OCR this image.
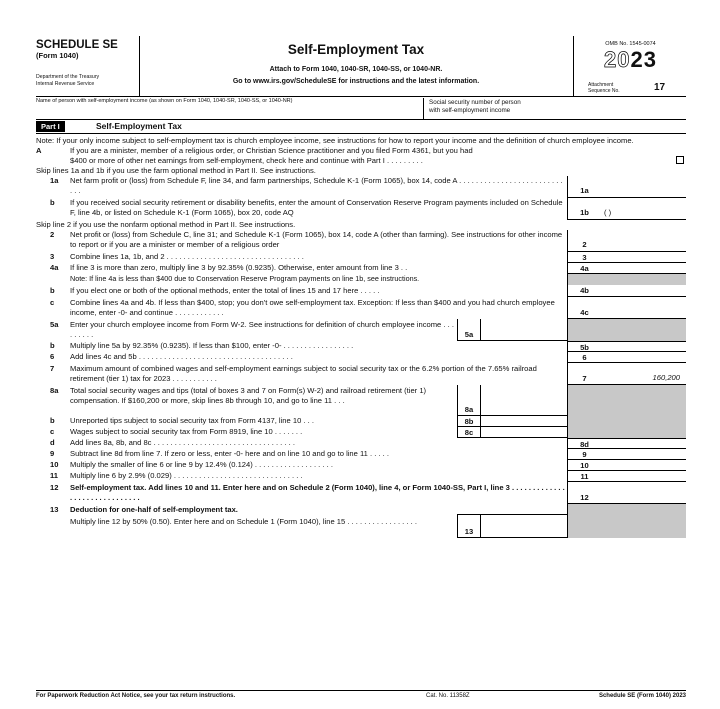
SCHEDULE SE
(Form 1040)
Department of the Treasury
Internal Revenue Service
Self-Employment Tax
Attach to Form 1040, 1040-SR, 1040-SS, or 1040-NR.
Go to www.irs.gov/ScheduleSE for instructions and the latest information.
OMB No. 1545-0074
2023
Attachment
Sequence No.	17
Name of person with self-employment income (as shown on Form 1040, 1040-SR, 1040-SS, or 1040-NR)	Social security number of person
with self-employment income
Part I	Self-Employment Tax
Note: If your only income subject to self-employment tax is church employee income, see instructions for how to report your income and the definition of church employee income.
A	If you are a minister, member of a religious order, or Christian Science practitioner and you filed Form 4361, but you had
$400 or more of other net earnings from self-employment, check here and continue with Part I . . . . . . . . .
Skip lines 1a and 1b if you use the farm optional method in Part II. See instructions.
1a Net farm profit or (loss) from Schedule F, line 34, and farm partnerships, Schedule K-1 (Form 1065), box 14, code A . . . . . . . . . . . . . . . . . . . . . . . . . . . .	1a
b If you received social security retirement or disability benefits, enter the amount of Conservation Reserve Program payments included on Schedule F, line 4b, or listed on Schedule K-1 (Form 1065), box 20, code AQ	1b	( )
Skip line 2 if you use the nonfarm optional method in Part II. See instructions.
2 Net profit or (loss) from Schedule C, line 31; and Schedule K-1 (Form 1065), box 14, code A (other than farming). See instructions for other income to report or if you are a minister or member of a religious order	2
3 Combine lines 1a, 1b, and 2 . . . . . . . . . . . . . . . . . . . . . . . . . . . . . . . . .	3
4a If line 3 is more than zero, multiply line 3 by 92.35% (0.9235). Otherwise, enter amount from line 3 . .	4a
Note: If line 4a is less than $400 due to Conservation Reserve Program payments on line 1b, see instructions.
b If you elect one or both of the optional methods, enter the total of lines 15 and 17 here . . . . .	4b
c Combine lines 4a and 4b. If less than $400, stop; you don't owe self-employment tax. Exception: If less than $400 and you had church employee income, enter -0- and continue . . . . . . . . . . . .	4c
5a Enter your church employee income from Form W-2. See instructions for definition of church employee income . . . . . . . . .	5a
b Multiply line 5a by 92.35% (0.9235). If less than $100, enter -0- . . . . . . . . . . . . . . . . .	5b
6 Add lines 4c and 5b . . . . . . . . . . . . . . . . . . . . . . . . . . . . . . . . . . . . .	6
7 Maximum amount of combined wages and self-employment earnings subject to social security tax or the 6.2% portion of the 7.65% railroad retirement (tier 1) tax for 2023 . . . . . . . . . . .	7	160,200
8a Total social security wages and tips (total of boxes 3 and 7 on Form(s) W-2) and railroad retirement (tier 1) compensation. If $160,200 or more, skip lines 8b through 10, and go to line 11 . . .
8a
b Unreported tips subject to social security tax from Form 4137, line 10 . . .	8b
c Wages subject to social security tax from Form 8919, line 10 . . . . . . .	8c
d Add lines 8a, 8b, and 8c . . . . . . . . . . . . . . . . . . . . . . . . . . . . . . . . . .	8d
9 Subtract line 8d from line 7. If zero or less, enter -0- here and on line 10 and go to line 11 . . . . .	9
10 Multiply the smaller of line 6 or line 9 by 12.4% (0.124) . . . . . . . . . . . . . . . . . . .	10
11 Multiply line 6 by 2.9% (0.029) . . . . . . . . . . . . . . . . . . . . . . . . . . . . . . .	11
12 Self-employment tax. Add lines 10 and 11. Enter here and on Schedule 2 (Form 1040), line 4, or Form 1040-SS, Part I, line 3 . . . . . . . . . . . . . . . . . . . . . . . . . . . . . .	12
13 Deduction for one-half of self-employment tax.
Multiply line 12 by 50% (0.50). Enter here and on Schedule 1 (Form 1040), line 15 . . . . . . . . . . . . . . . . .
13
For Paperwork Reduction Act Notice, see your tax return instructions.	Cat. No. 11358Z	Schedule SE (Form 1040) 2023
